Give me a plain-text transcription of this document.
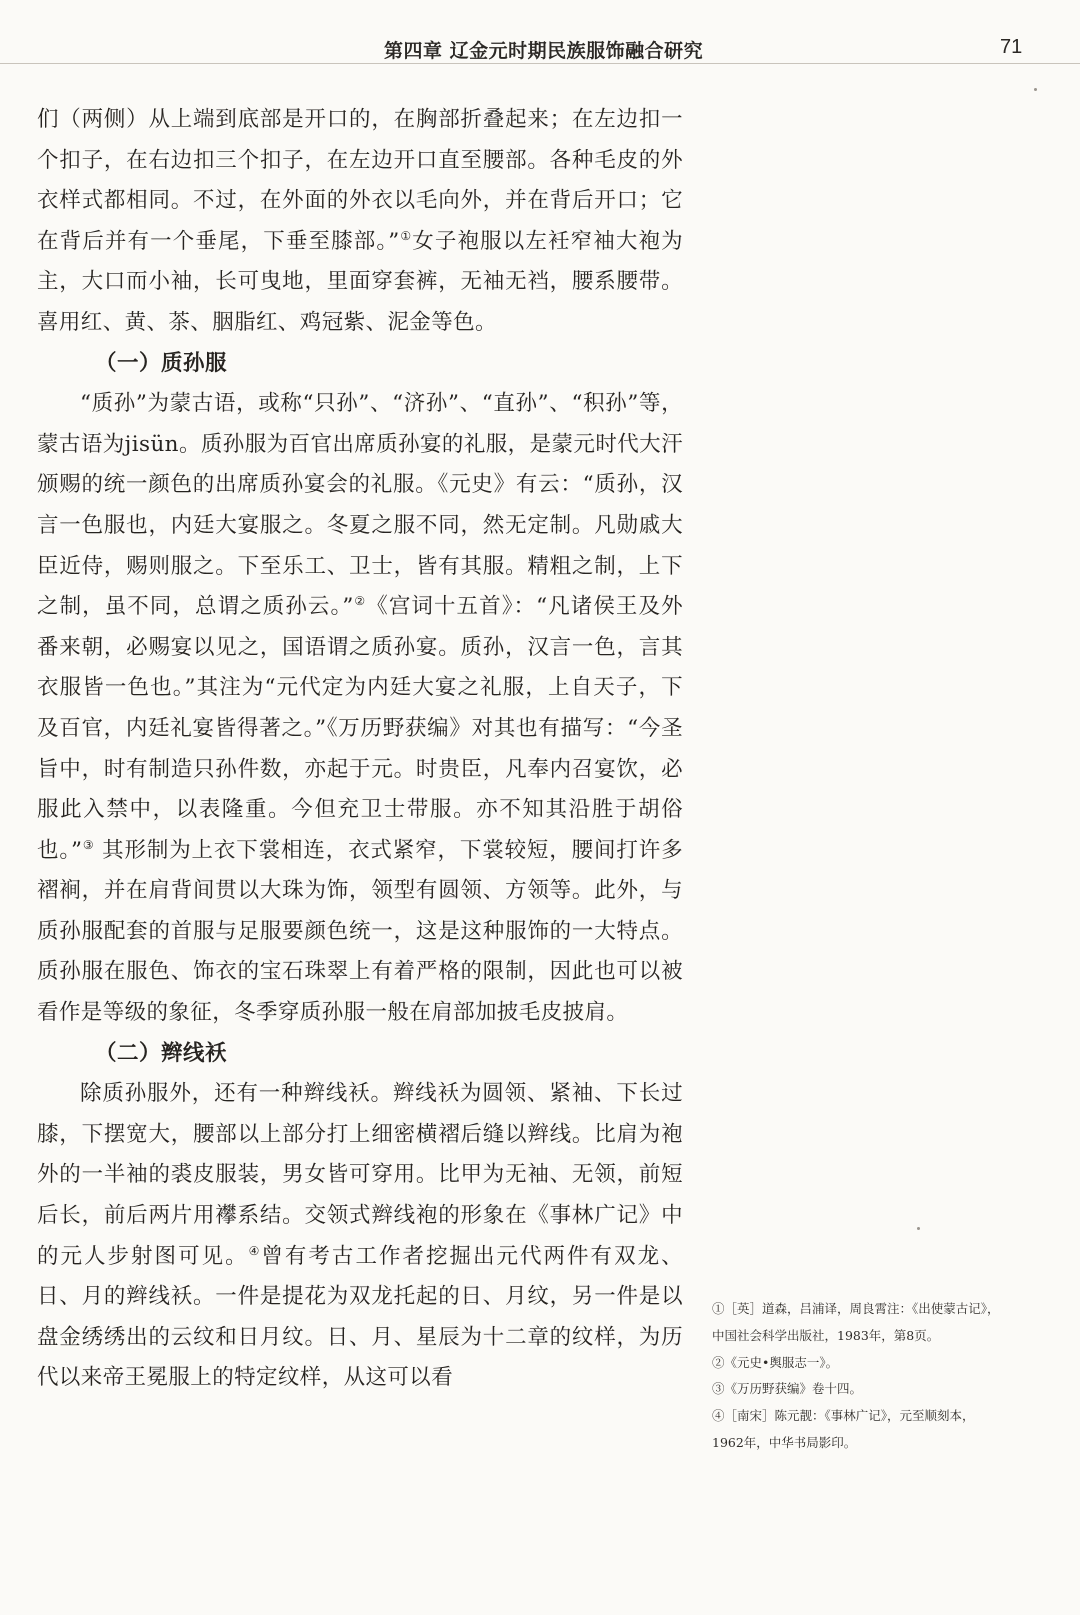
第四章 辽金元时期民族服饰融合研究	71

们（两侧）从上端到底部是开口的，在胸部折叠起来；在左边扣一个扣子，在右边扣三个扣子，在左边开口直至腰部。各种毛皮的外衣样式都相同。不过，在外面的外衣以毛向外，并在背后开口；它在背后并有一个垂尾，下垂至膝部。”①女子袍服以左衽窄袖大袍为主，大口而小袖，长可曳地，里面穿套裤，无袖无裆，腰系腰带。喜用红、黄、茶、胭脂红、鸡冠紫、泥金等色。

（一）质孙服

“质孙”为蒙古语，或称“只孙”、“济孙”、“直孙”、“积孙”等，蒙古语为jisün。质孙服为百官出席质孙宴的礼服，是蒙元时代大汗颁赐的统一颜色的出席质孙宴会的礼服。《元史》有云：“质孙，汉言一色服也，内廷大宴服之。冬夏之服不同，然无定制。凡勋戚大臣近侍，赐则服之。下至乐工、卫士，皆有其服。精粗之制，上下之制，虽不同，总谓之质孙云。”②《宫词十五首》：“凡诸侯王及外番来朝，必赐宴以见之，国语谓之质孙宴。质孙，汉言一色，言其衣服皆一色也。”其注为“元代定为内廷大宴之礼服，上自天子，下及百官，内廷礼宴皆得著之。”《万历野获编》对其也有描写：“今圣旨中，时有制造只孙件数，亦起于元。时贵臣，凡奉内召宴饮，必服此入禁中，以表隆重。今但充卫士带服。亦不知其沿胜于胡俗也。”③ 其形制为上衣下裳相连，衣式紧窄，下裳较短，腰间打许多褶裥，并在肩背间贯以大珠为饰，领型有圆领、方领等。此外，与质孙服配套的首服与足服要颜色统一，这是这种服饰的一大特点。质孙服在服色、饰衣的宝石珠翠上有着严格的限制，因此也可以被看作是等级的象征，冬季穿质孙服一般在肩部加披毛皮披肩。

（二）辫线袄

除质孙服外，还有一种辫线袄。辫线袄为圆领、紧袖、下长过膝，下摆宽大，腰部以上部分打上细密横褶后缝以辫线。比肩为袍外的一半袖的裘皮服装，男女皆可穿用。比甲为无袖、无领，前短后长，前后两片用襻系结。交领式辫线袍的形象在《事林广记》中的元人步射图可见。④曾有考古工作者挖掘出元代两件有双龙、日、月的辫线袄。一件是提花为双龙托起的日、月纹，另一件是以盘金绣绣出的云纹和日月纹。日、月、星辰为十二章的纹样，为历代以来帝王冕服上的特定纹样，从这可以看

①［英］道森，吕浦译，周良霄注：《出使蒙古记》，中国社会科学出版社，1983年，第8页。

②《元史•舆服志一》。

③《万历野获编》卷十四。

④［南宋］陈元靓：《事林广记》，元至顺刻本，1962年，中华书局影印。
